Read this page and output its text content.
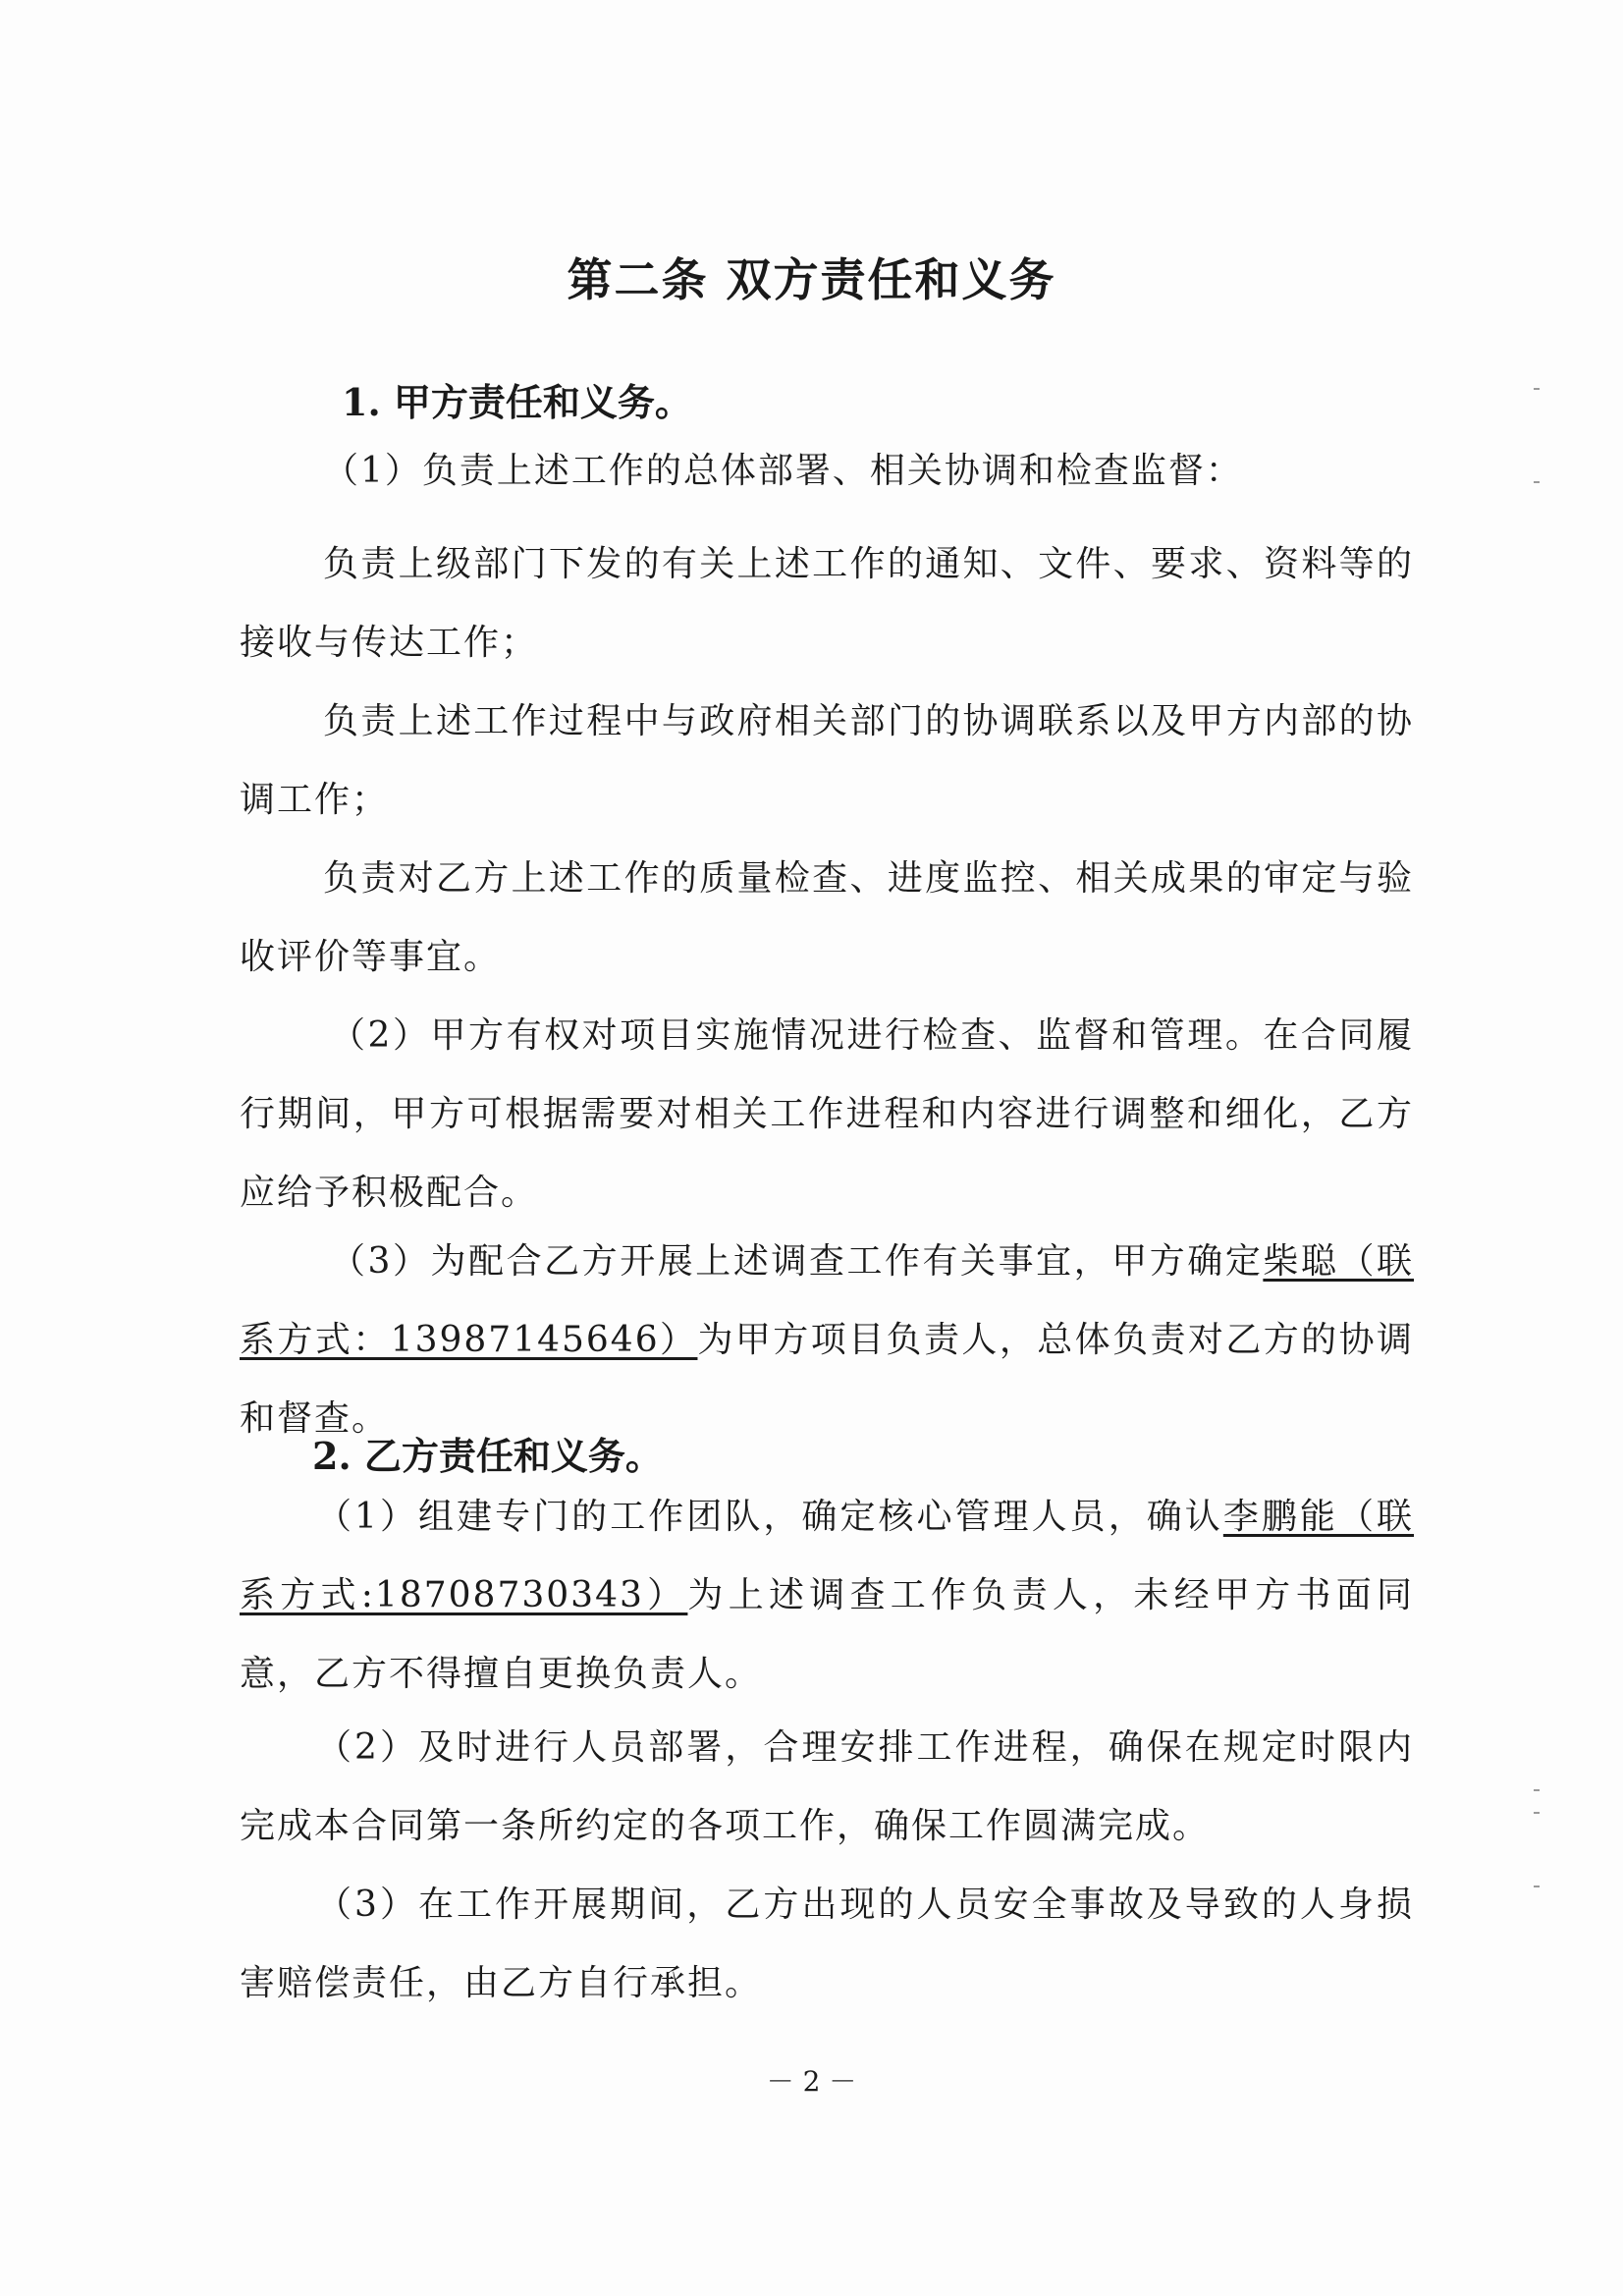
第二条 双方责任和义务
1. 甲方责任和义务。
（1）负责上述工作的总体部署、相关协调和检查监督：
负责上级部门下发的有关上述工作的通知、文件、要求、资料等的接收与传达工作；
负责上述工作过程中与政府相关部门的协调联系以及甲方内部的协调工作；
负责对乙方上述工作的质量检查、进度监控、相关成果的审定与验收评价等事宜。
（2）甲方有权对项目实施情况进行检查、监督和管理。在合同履行期间，甲方可根据需要对相关工作进程和内容进行调整和细化，乙方应给予积极配合。
（3）为配合乙方开展上述调查工作有关事宜，甲方确定柴聪（联系方式：13987145646）为甲方项目负责人，总体负责对乙方的协调和督查。
2. 乙方责任和义务。
（1）组建专门的工作团队，确定核心管理人员，确认李鹏能（联系方式:18708730343）为上述调查工作负责人，未经甲方书面同意，乙方不得擅自更换负责人。
（2）及时进行人员部署，合理安排工作进程，确保在规定时限内完成本合同第一条所约定的各项工作，确保工作圆满完成。
（3）在工作开展期间，乙方出现的人员安全事故及导致的人身损害赔偿责任，由乙方自行承担。
－ 2 －
